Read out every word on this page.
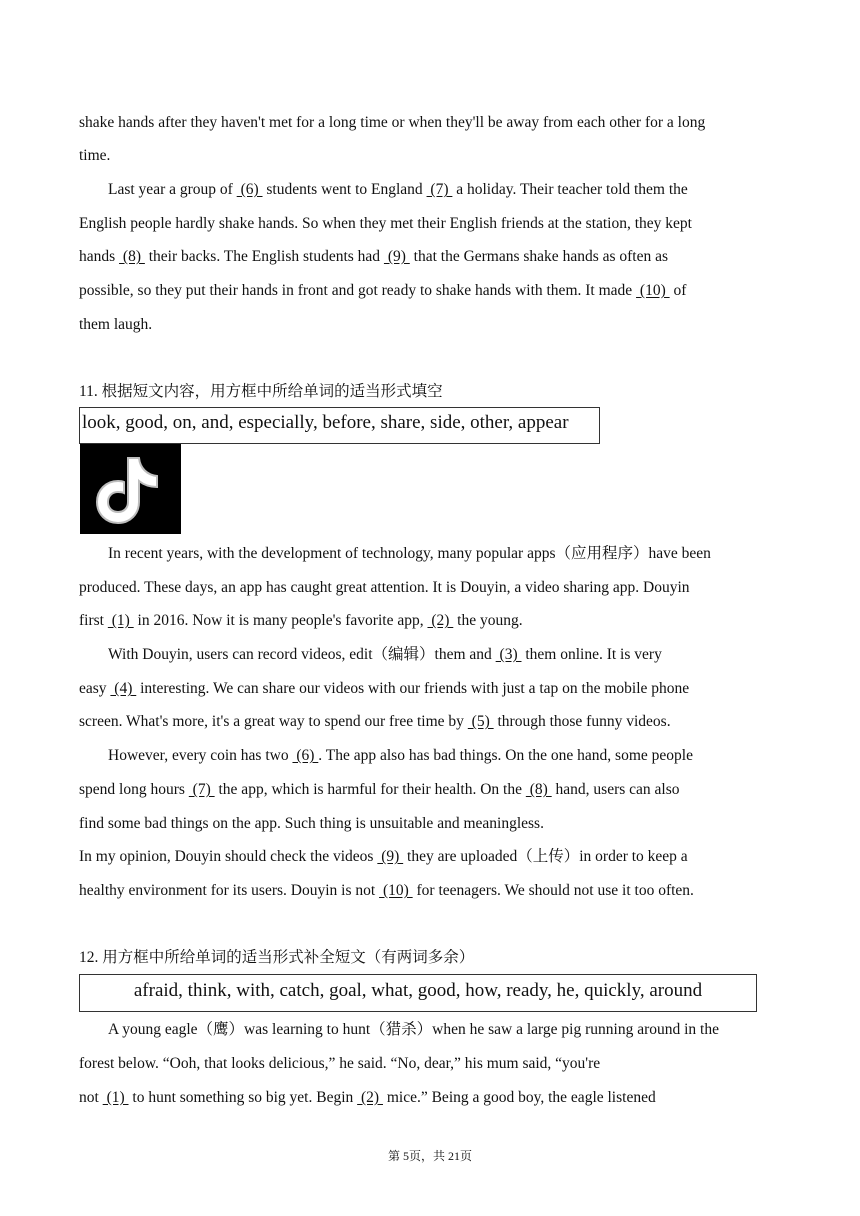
shake hands after they haven't met for a long time or when they'll be away from each other for a long
time.
Last year a group of  (6)  students went to England  (7)  a holiday. Their teacher told them the
English people hardly shake hands. So when they met their English friends at the station, they kept
hands  (8)  their backs. The English students had  (9)  that the Germans shake hands as often as
possible, so they put their hands in front and got ready to shake hands with them. It made  (10)  of
them laugh.
11. 根据短文内容，用方框中所给单词的适当形式填空
look, good, on, and, especially, before, share, side, other, appear
In recent years, with the development of technology, many popular apps（应用程序）have been
produced. These days, an app has caught great attention. It is Douyin, a video sharing app. Douyin
first  (1)  in 2016. Now it is many people's favorite app,  (2)  the young.
With Douyin, users can record videos, edit（编辑）them and  (3)  them online. It is very
easy  (4)  interesting. We can share our videos with our friends with just a tap on the mobile phone
screen. What's more, it's a great way to spend our free time by  (5)  through those funny videos.
However, every coin has two  (6) . The app also has bad things. On the one hand, some people
spend long hours  (7)  the app, which is harmful for their health. On the  (8)  hand, users can also
find some bad things on the app. Such thing is unsuitable and meaningless.
In my opinion, Douyin should check the videos  (9)  they are uploaded（上传）in order to keep a
healthy environment for its users. Douyin is not  (10)  for teenagers. We should not use it too often.
12. 用方框中所给单词的适当形式补全短文（有两词多余）
afraid, think, with, catch, goal, what, good, how, ready, he, quickly, around
A young eagle（鹰）was learning to hunt（猎杀）when he saw a large pig running around in the
forest below. “Ooh, that looks delicious,” he said. “No, dear,” his mum said, “you're
not  (1)  to hunt something so big yet. Begin  (2)  mice.” Being a good boy, the eagle listened
第 5页，共 21页
